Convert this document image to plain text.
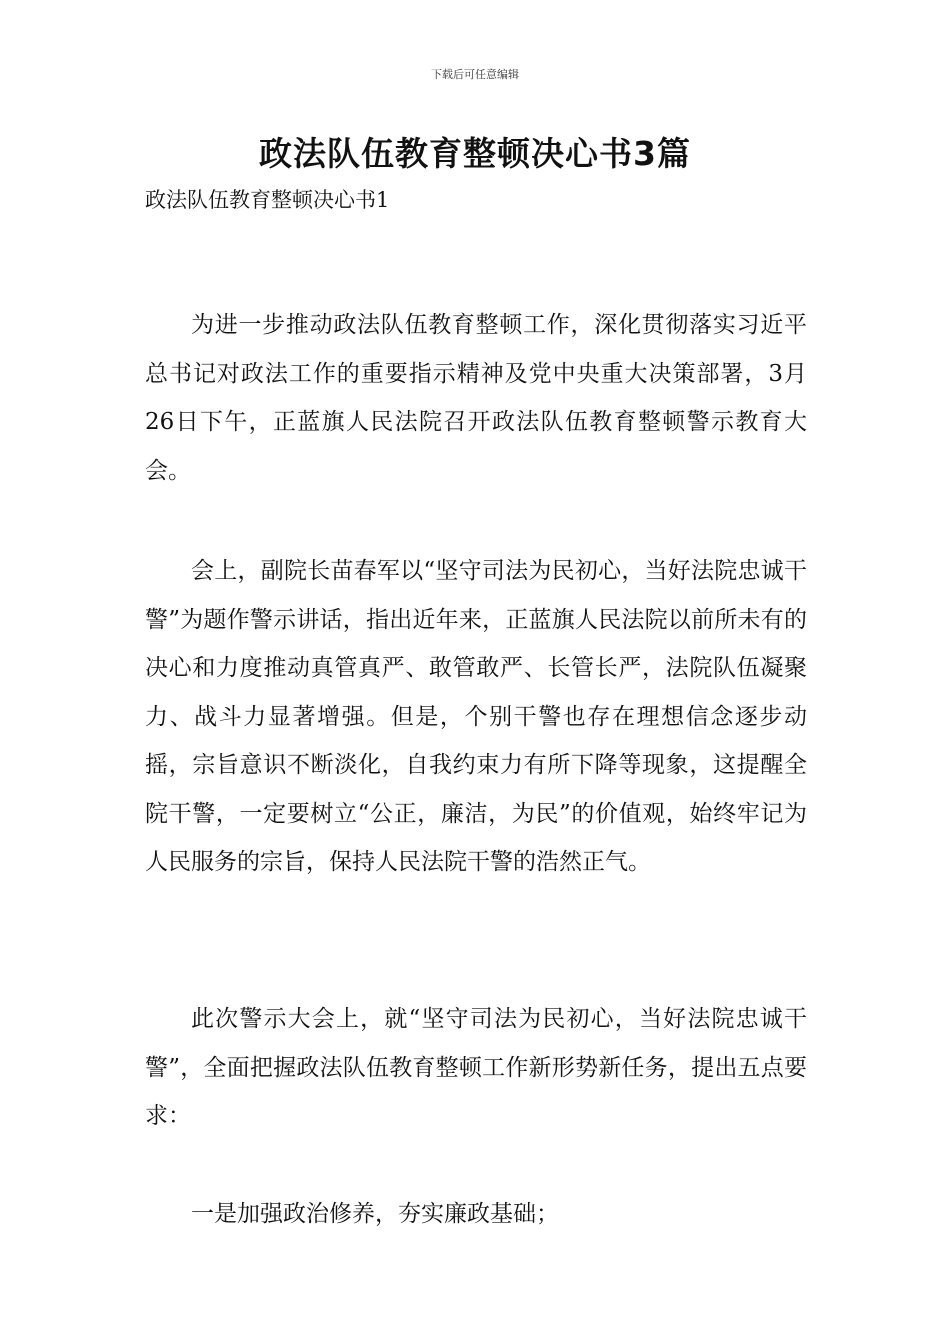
下载后可任意编辑
政法队伍教育整顿决心书3篇
政法队伍教育整顿决心书1

为进一步推动政法队伍教育整顿工作，深化贯彻落实习近平总书记对政法工作的重要指示精神及党中央重大决策部署，3月26日下午，正蓝旗人民法院召开政法队伍教育整顿警示教育大会。

会上，副院长苗春军以“坚守司法为民初心，当好法院忠诚干警”为题作警示讲话，指出近年来，正蓝旗人民法院以前所未有的决心和力度推动真管真严、敢管敢严、长管长严，法院队伍凝聚力、战斗力显著增强。但是，个别干警也存在理想信念逐步动摇，宗旨意识不断淡化，自我约束力有所下降等现象，这提醒全院干警，一定要树立“公正，廉洁，为民”的价值观，始终牢记为人民服务的宗旨，保持人民法院干警的浩然正气。

此次警示大会上，就“坚守司法为民初心，当好法院忠诚干警”，全面把握政法队伍教育整顿工作新形势新任务，提出五点要求：

一是加强政治修养，夯实廉政基础；
